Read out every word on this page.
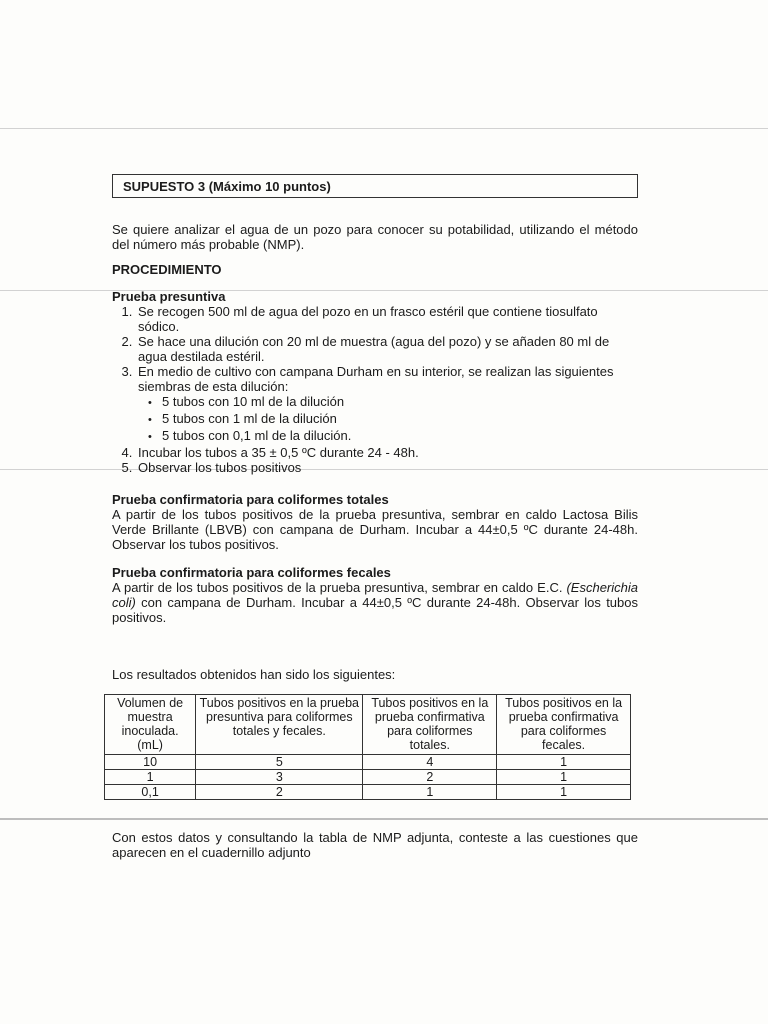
SUPUESTO 3 (Máximo 10 puntos)

Se quiere analizar el agua de un pozo para conocer su potabilidad, utilizando el método del número más probable (NMP).

PROCEDIMIENTO
Prueba presuntiva
1. Se recogen 500 ml de agua del pozo en un frasco estéril que contiene tiosulfato sódico.
2. Se hace una dilución con 20 ml de muestra (agua del pozo) y se añaden 80 ml de agua destilada estéril.
3. En medio de cultivo con campana Durham en su interior, se realizan las siguientes siembras de esta dilución:
• 5 tubos con 10 ml de la dilución
• 5 tubos con 1 ml de la dilución
• 5 tubos con 0,1 ml de la dilución.
4. Incubar los tubos a 35 ± 0,5 ºC durante 24 - 48h.
5. Observar los tubos positivos
Prueba confirmatoria para coliformes totales

A partir de los tubos positivos de la prueba presuntiva, sembrar en caldo Lactosa Bilis Verde Brillante (LBVB) con campana de Durham. Incubar a 44±0,5 ºC durante 24-48h. Observar los tubos positivos.

Prueba confirmatoria para coliformes fecales

A partir de los tubos positivos de la prueba presuntiva, sembrar en caldo E.C. (Escherichia coli) con campana de Durham. Incubar a 44±0,5 ºC durante 24-48h. Observar los tubos positivos.

Los resultados obtenidos han sido los siguientes:

Volumen de muestra inoculada. (mL)	Tubos positivos en la prueba presuntiva para coliformes totales y fecales.	Tubos positivos en la prueba confirmativa para coliformes totales.	Tubos positivos en la prueba confirmativa para coliformes fecales.
10	5	4	1
1	3	2	1
0,1	2	1	1

Con estos datos y consultando la tabla de NMP adjunta, conteste a las cuestiones que aparecen en el cuadernillo adjunto
